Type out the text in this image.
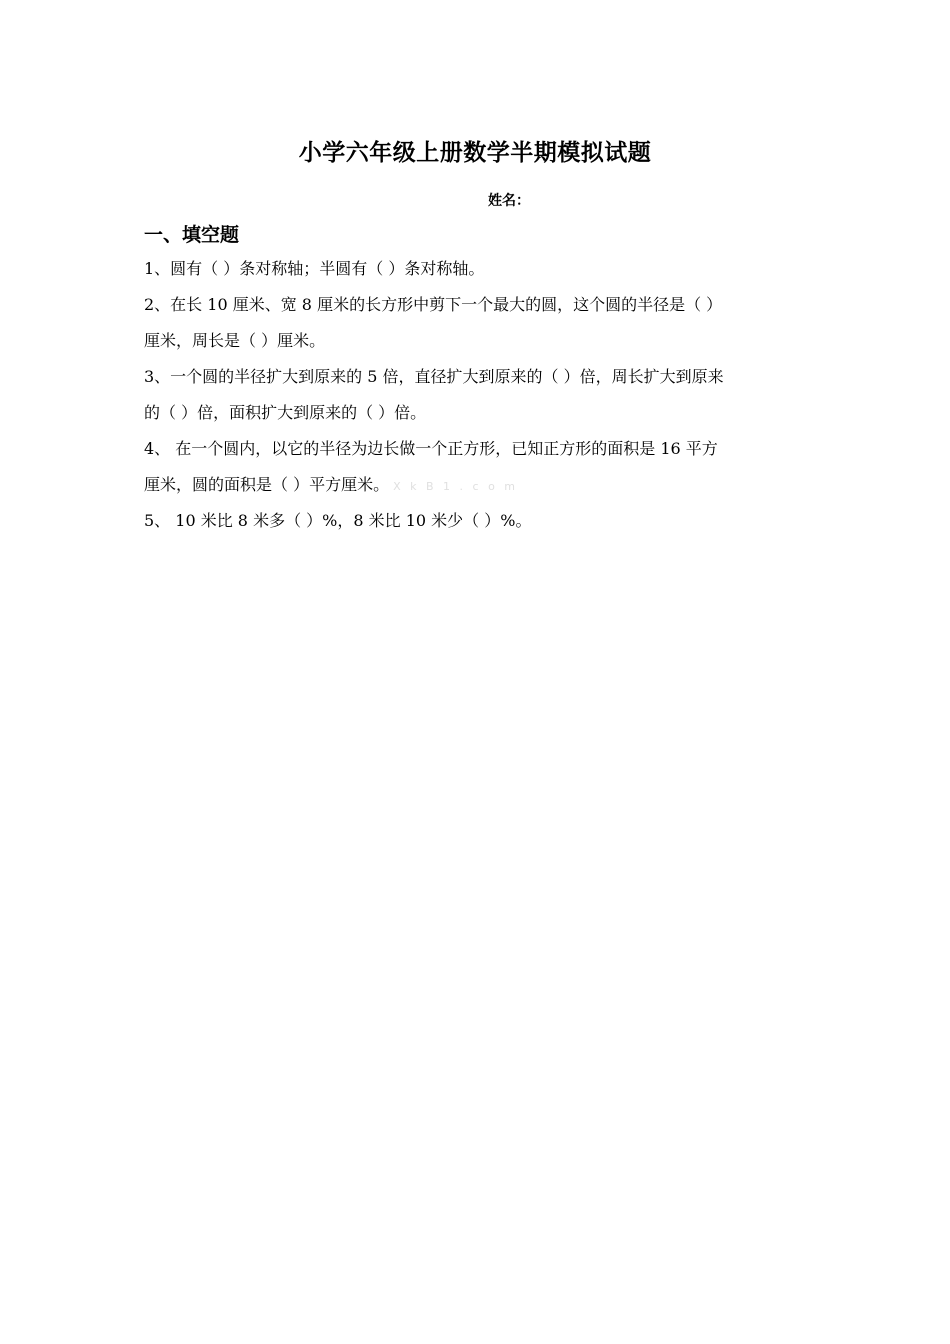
小学六年级上册数学半期模拟试题
姓名：
一、填空题
1、圆有（ ）条对称轴；半圆有（ ）条对称轴。
2、在长 10 厘米、宽 8 厘米的长方形中剪下一个最大的圆，这个圆的半径是（ ）
厘米，周长是（ ）厘米。
3、一个圆的半径扩大到原来的 5 倍，直径扩大到原来的（ ）倍，周长扩大到原来
的（ ）倍，面积扩大到原来的（ ）倍。
4、 在一个圆内，以它的半径为边长做一个正方形，已知正方形的面积是 16 平方
厘米，圆的面积是（ ）平方厘米。 X k B 1 . c o m
5、 10 米比 8 米多（ ）%，8 米比 10 米少（ ）%。
